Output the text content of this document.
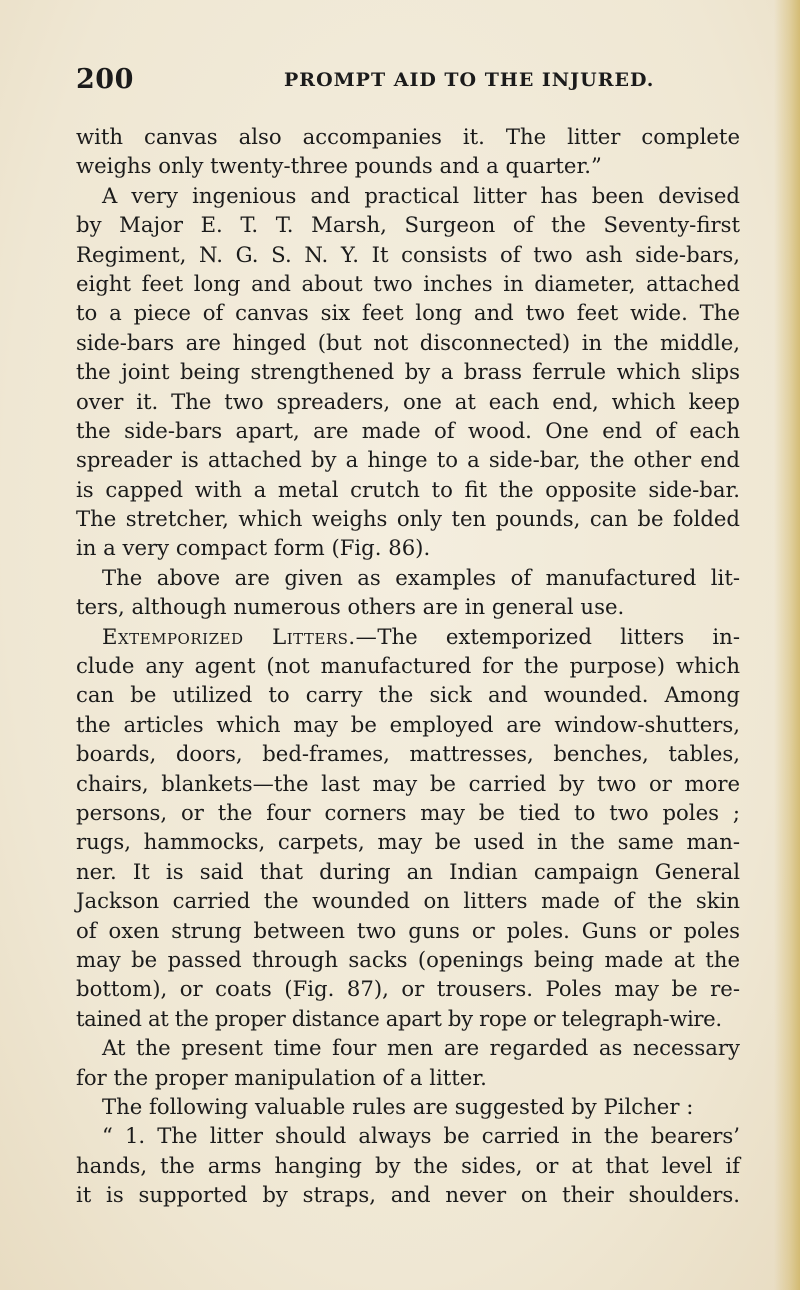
200	PROMPT AID TO THE INJURED.
with canvas also accompanies it. The litter complete
weighs only twenty-three pounds and a quarter.”
A very ingenious and practical litter has been devised
by Major E. T. T. Marsh, Surgeon of the Seventy-first
Regiment, N. G. S. N. Y. It consists of two ash side-bars,
eight feet long and about two inches in diameter, attached
to a piece of canvas six feet long and two feet wide. The
side-bars are hinged (but not disconnected) in the middle,
the joint being strengthened by a brass ferrule which slips
over it. The two spreaders, one at each end, which keep
the side-bars apart, are made of wood. One end of each
spreader is attached by a hinge to a side-bar, the other end
is capped with a metal crutch to fit the opposite side-bar.
The stretcher, which weighs only ten pounds, can be folded
in a very compact form (Fig. 86).
The above are given as examples of manufactured lit-
ters, although numerous others are in general use.
Extemporized Litters.—The extemporized litters in-
clude any agent (not manufactured for the purpose) which
can be utilized to carry the sick and wounded. Among
the articles which may be employed are window-shutters,
boards, doors, bed-frames, mattresses, benches, tables,
chairs, blankets—the last may be carried by two or more
persons, or the four corners may be tied to two poles ;
rugs, hammocks, carpets, may be used in the same man-
ner. It is said that during an Indian campaign General
Jackson carried the wounded on litters made of the skin
of oxen strung between two guns or poles. Guns or poles
may be passed through sacks (openings being made at the
bottom), or coats (Fig. 87), or trousers. Poles may be re-
tained at the proper distance apart by rope or telegraph-wire.
At the present time four men are regarded as necessary
for the proper manipulation of a litter.
The following valuable rules are suggested by Pilcher :
“ 1. The litter should always be carried in the bearers’
hands, the arms hanging by the sides, or at that level if
it is supported by straps, and never on their shoulders.
